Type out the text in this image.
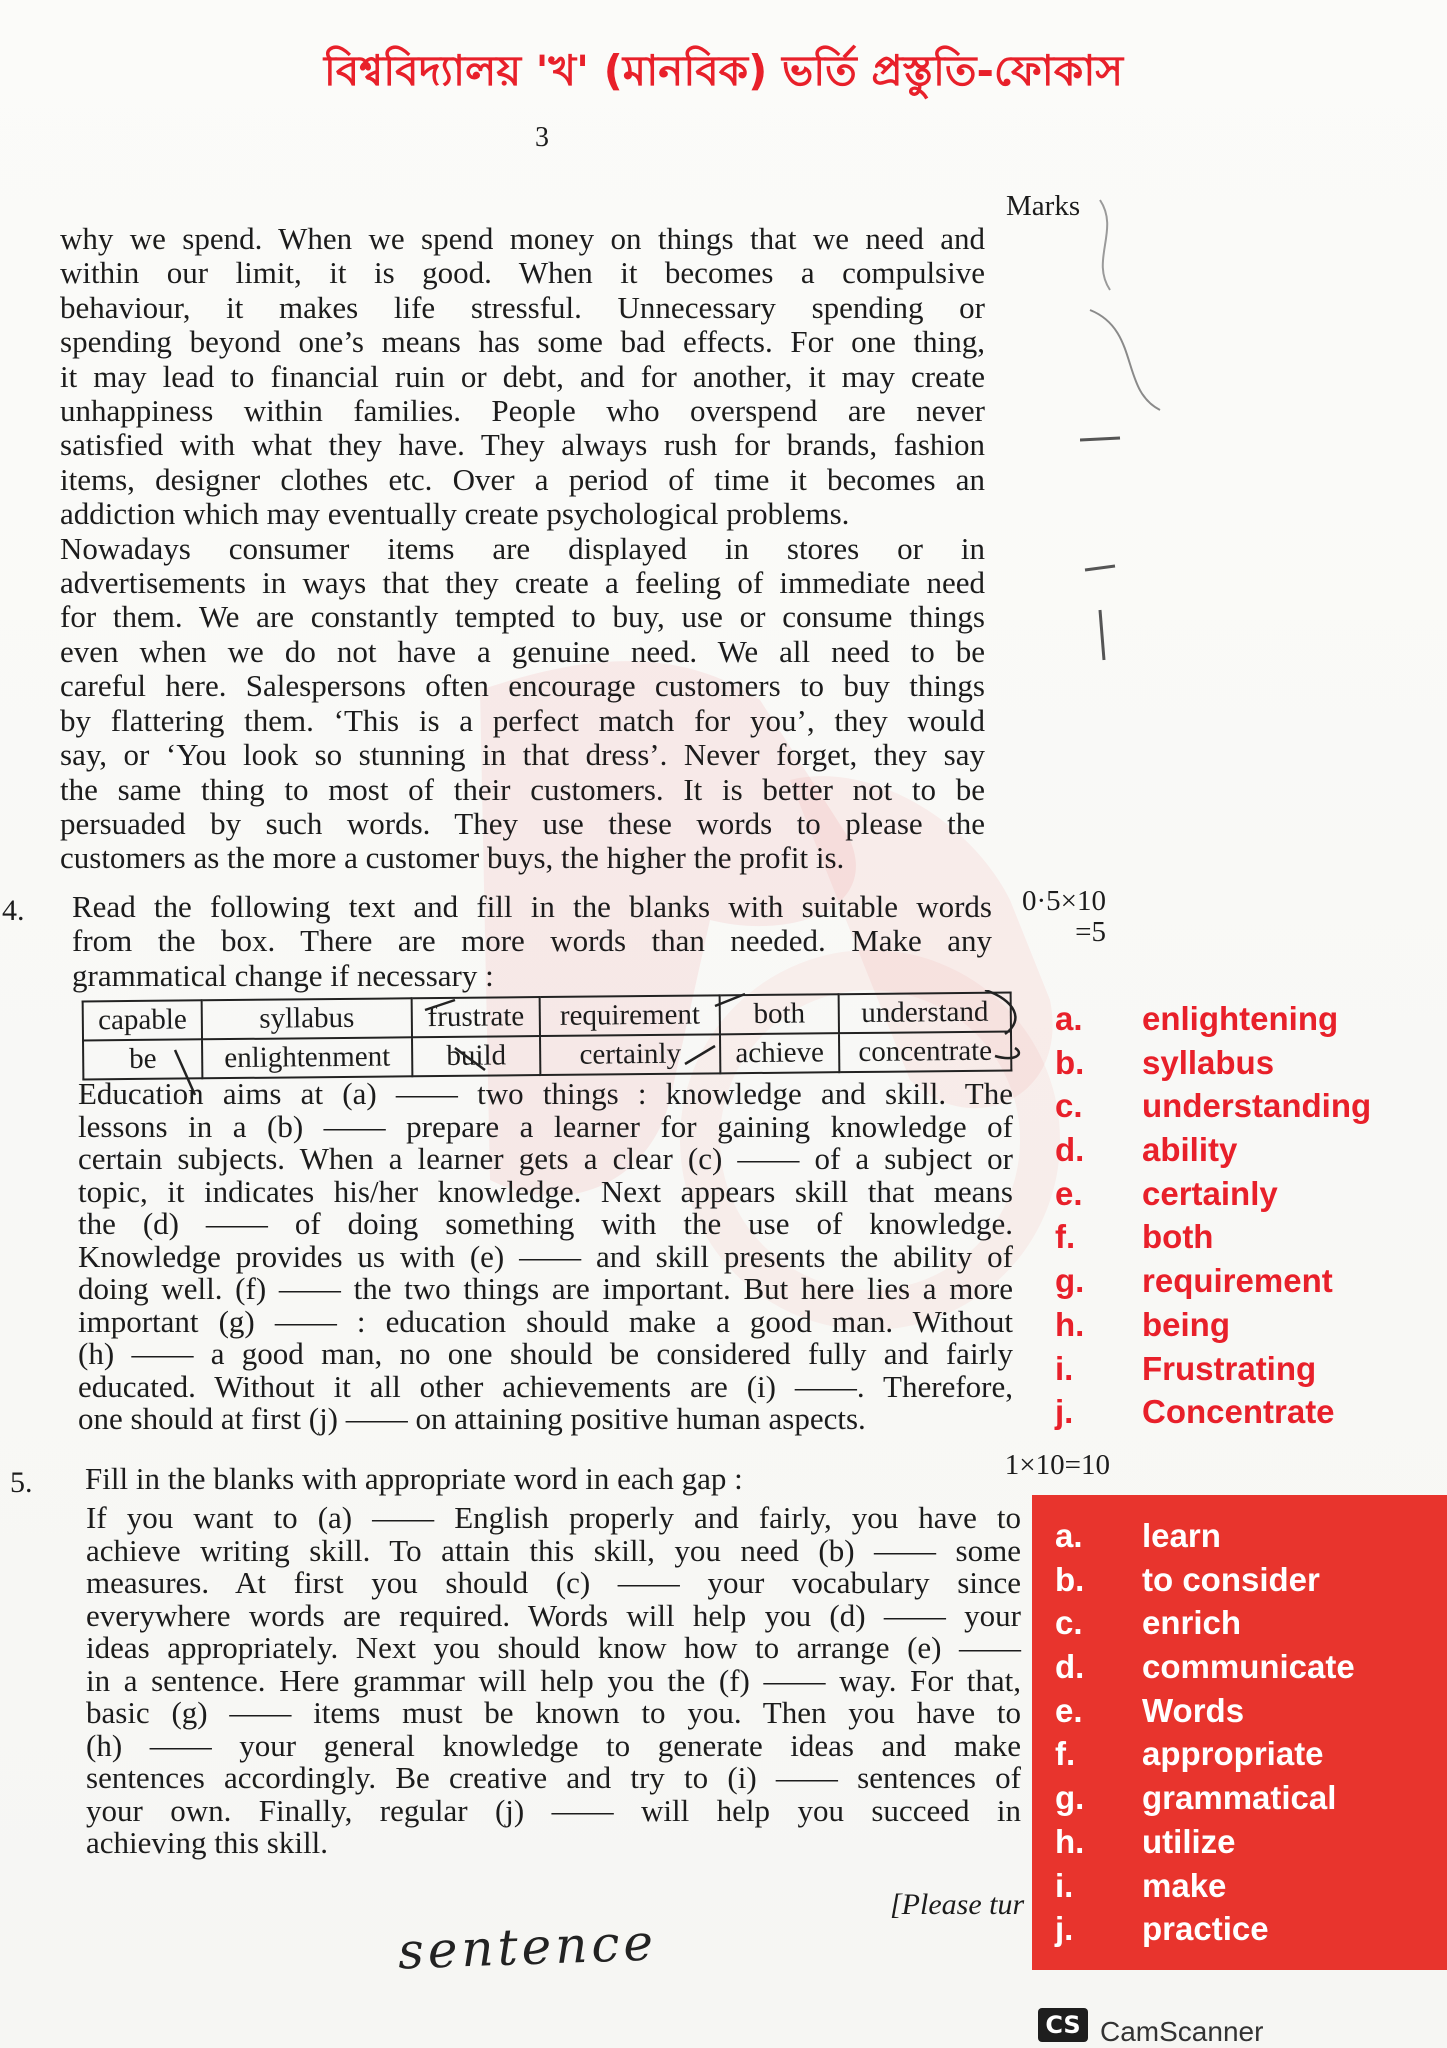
বিশ্ববিদ্যালয় 'খ' (মানবিক) ভর্তি প্রস্তুতি-ফোকাস
3
Marks
why we spend. When we spend money on things that we need and
within our limit, it is good. When it becomes a compulsive
behaviour, it makes life stressful. Unnecessary spending or
spending beyond one’s means has some bad effects. For one thing,
it may lead to financial ruin or debt, and for another, it may create
unhappiness within families. People who overspend are never
satisfied with what they have. They always rush for brands, fashion
items, designer clothes etc. Over a period of time it becomes an
addiction which may eventually create psychological problems.
Nowadays consumer items are displayed in stores or in
advertisements in ways that they create a feeling of immediate need
for them. We are constantly tempted to buy, use or consume things
even when we do not have a genuine need. We all need to be
careful here. Salespersons often encourage customers to buy things
by flattering them. ‘This is a perfect match for you’, they would
say, or ‘You look so stunning in that dress’. Never forget, they say
the same thing to most of their customers. It is better not to be
persuaded by such words. They use these words to please the
customers as the more a customer buys, the higher the profit is.
4.	0·5×10
=5
Read the following text and fill in the blanks with suitable words
from the box. There are more words than needed. Make any
grammatical change if necessary :
capable	syllabus	frustrate	requirement	both	understand
be	enlightenment	build	certainly	achieve	concentrate
Education aims at (a) —— two things : knowledge and skill. The
lessons in a (b) —— prepare a learner for gaining knowledge of
certain subjects. When a learner gets a clear (c) —— of a subject or
topic, it indicates his/her knowledge. Next appears skill that means
the (d) —— of doing something with the use of knowledge.
Knowledge provides us with (e) —— and skill presents the ability of
doing well. (f) —— the two things are important. But here lies a more
important (g) —— : education should make a good man. Without
(h) —— a good man, no one should be considered fully and fairly
educated. Without it all other achievements are (i) ——. Therefore,
one should at first (j) —— on attaining positive human aspects.
a. enlightening
b. syllabus
c. understanding
d. ability
e. certainly
f. both
g. requirement
h. being
i. Frustrating
j. Concentrate
5. Fill in the blanks with appropriate word in each gap :	1×10=10
If you want to (a) —— English properly and fairly, you have to
achieve writing skill. To attain this skill, you need (b) —— some
measures. At first you should (c) —— your vocabulary since
everywhere words are required. Words will help you (d) —— your
ideas appropriately. Next you should know how to arrange (e) ——
in a sentence. Here grammar will help you the (f) —— way. For that,
basic (g) —— items must be known to you. Then you have to
(h) —— your general knowledge to generate ideas and make
sentences accordingly. Be creative and try to (i) —— sentences of
your own. Finally, regular (j) —— will help you succeed in
achieving this skill.
a. learn
b. to consider
c. enrich
d. communicate
e. Words
f. appropriate
g. grammatical
h. utilize
i. make
j. practice
[Please tur
sentence
CS CamScanner
